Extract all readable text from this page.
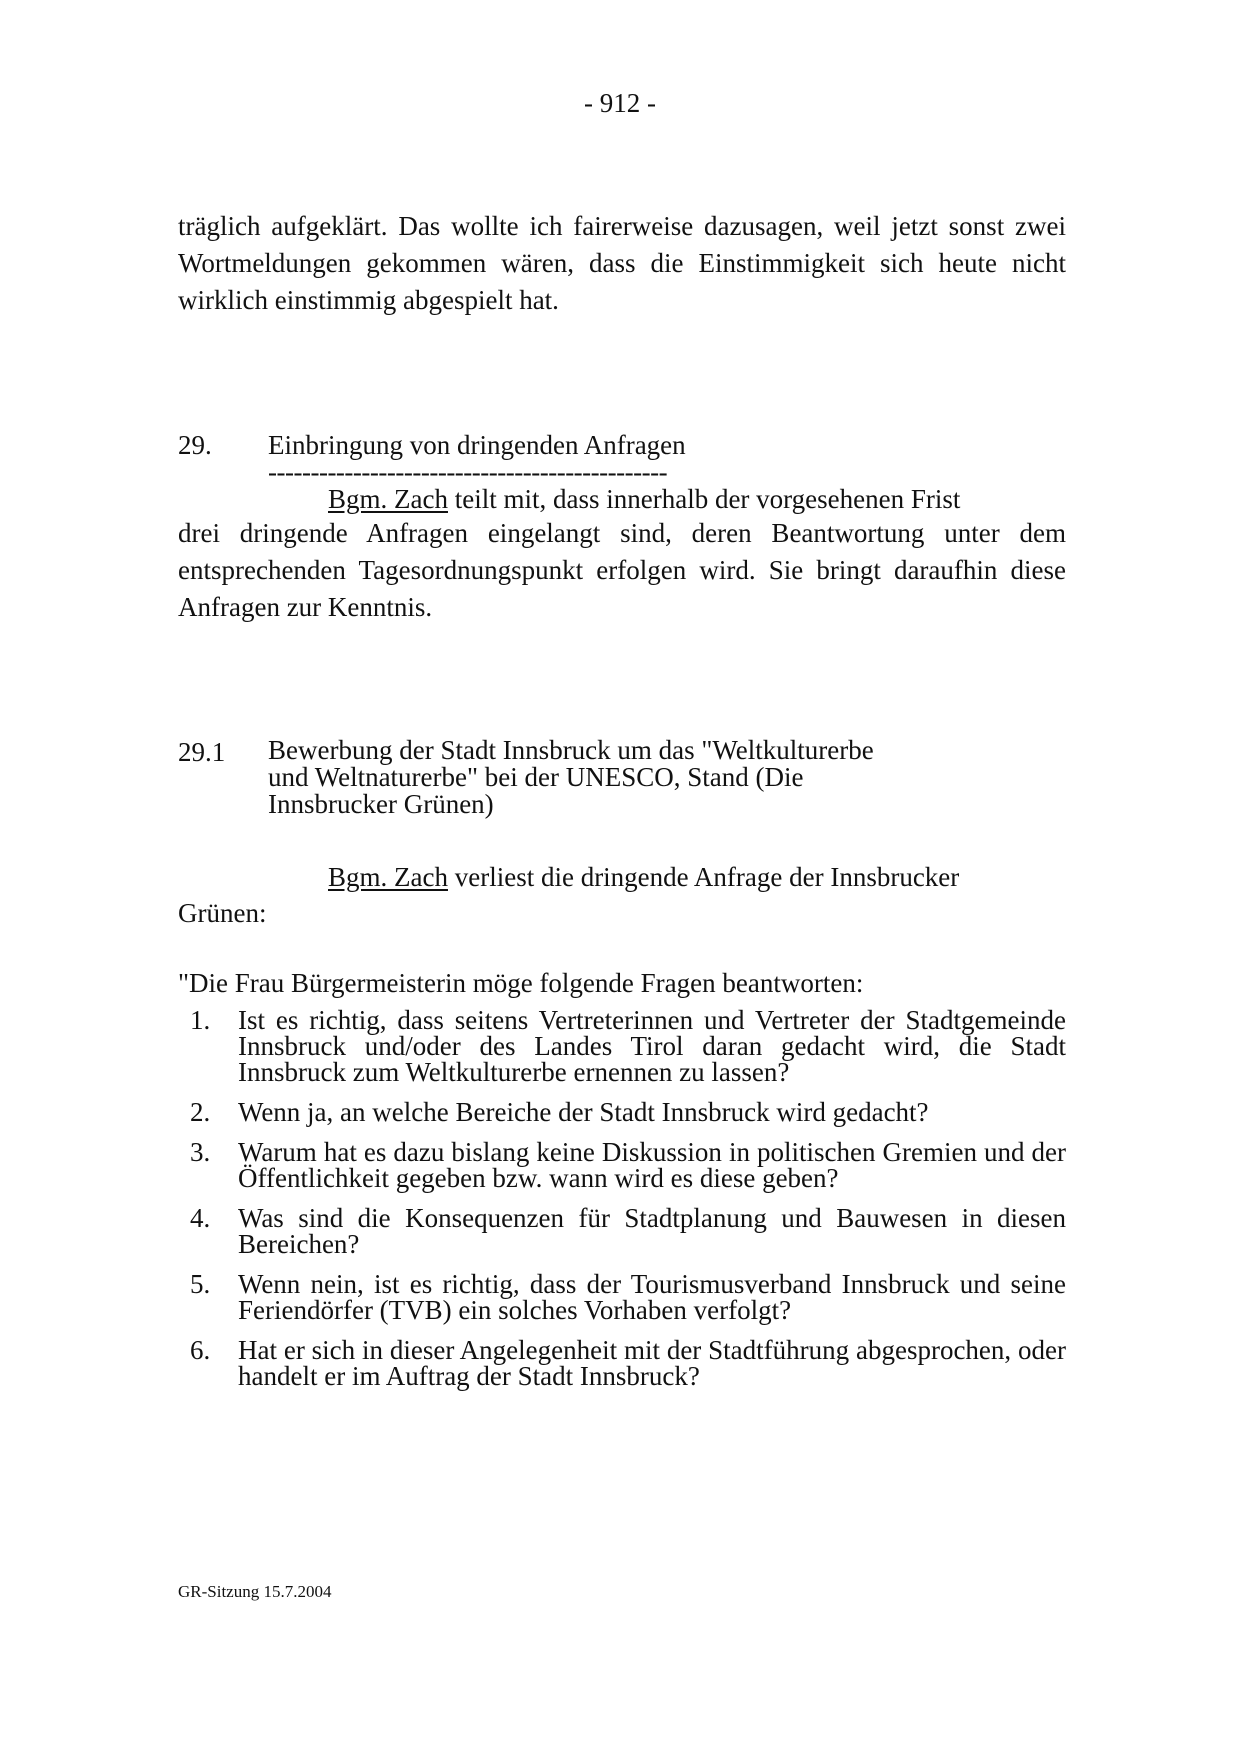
- 912 -

träglich aufgeklärt. Das wollte ich fairerweise dazusagen, weil jetzt sonst zwei Wortmeldungen gekommen wären, dass die Einstimmigkeit sich heute nicht wirklich einstimmig abgespielt hat.

29. Einbringung von dringenden Anfragen
-----------------------------------------------
Bgm. Zach teilt mit, dass innerhalb der vorgesehenen Frist

drei dringende Anfragen eingelangt sind, deren Beantwortung unter dem entsprechenden Tagesordnungspunkt erfolgen wird. Sie bringt daraufhin diese Anfragen zur Kenntnis.

29.1 Bewerbung der Stadt Innsbruck um das "Weltkulturerbe und Weltnaturerbe" bei der UNESCO, Stand (Die Innsbrucker Grünen)
Bgm. Zach verliest die dringende Anfrage der Innsbrucker
Grünen:
"Die Frau Bürgermeisterin möge folgende Fragen beantworten:
1. Ist es richtig, dass seitens Vertreterinnen und Vertreter der Stadtgemeinde Innsbruck und/oder des Landes Tirol daran gedacht wird, die Stadt Innsbruck zum Weltkulturerbe ernennen zu lassen?
2. Wenn ja, an welche Bereiche der Stadt Innsbruck wird gedacht?
3. Warum hat es dazu bislang keine Diskussion in politischen Gremien und der Öffentlichkeit gegeben bzw. wann wird es diese geben?
4. Was sind die Konsequenzen für Stadtplanung und Bauwesen in diesen Bereichen?
5. Wenn nein, ist es richtig, dass der Tourismusverband Innsbruck und seine Feriendörfer (TVB) ein solches Vorhaben verfolgt?
6. Hat er sich in dieser Angelegenheit mit der Stadtführung abgesprochen, oder handelt er im Auftrag der Stadt Innsbruck?
GR-Sitzung 15.7.2004
